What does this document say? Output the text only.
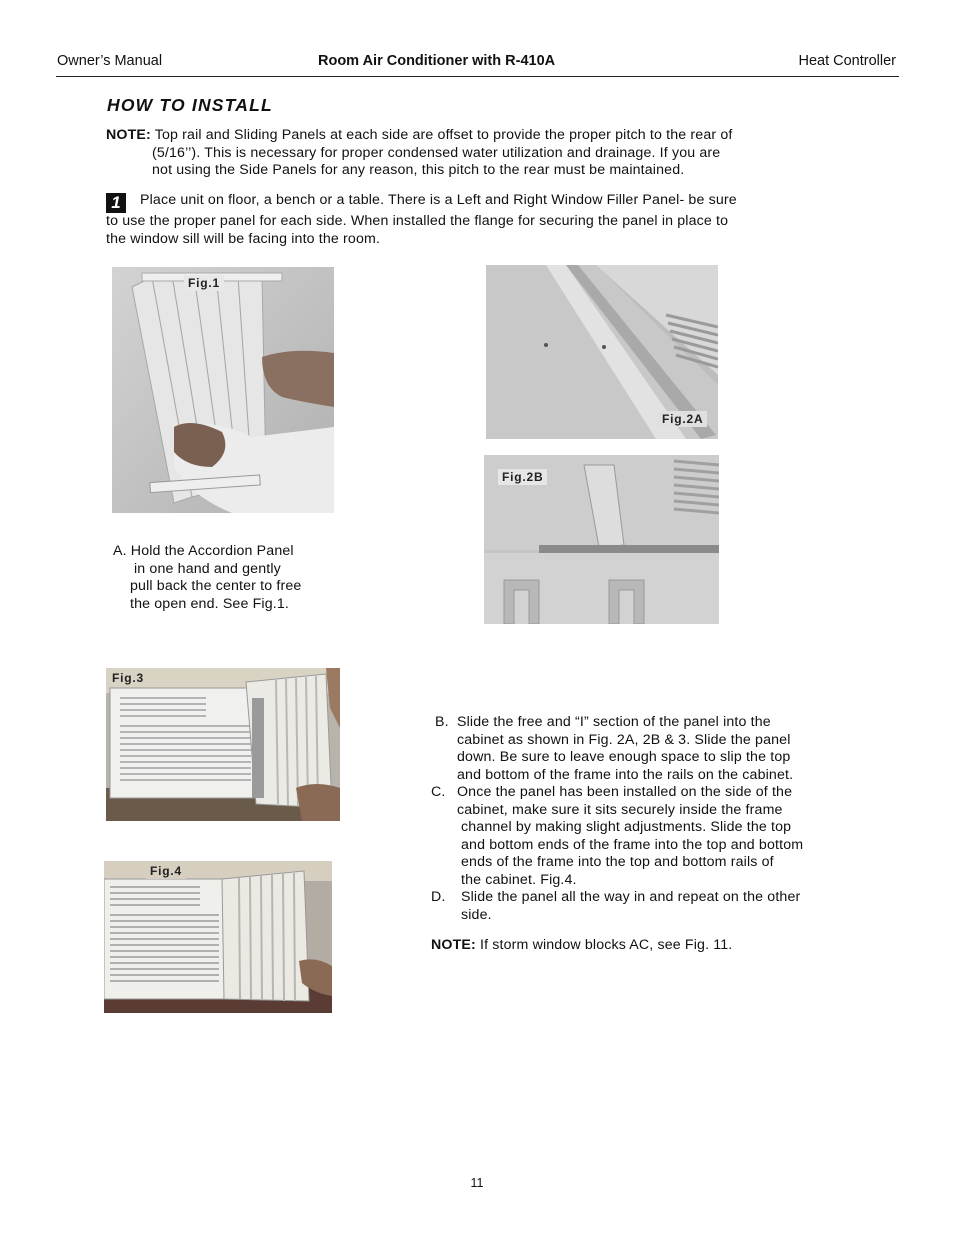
Owner’s Manual	Room Air Conditioner with R-410A	Heat Controller
HOW TO INSTALL
NOTE: Top rail and Sliding Panels at each side are offset to provide the proper pitch to the rear of
(5/16’’). This is necessary for proper condensed water utilization and drainage. If you are
not using the Side Panels for any reason, this pitch to the rear must be maintained.
1 Place unit on floor, a bench or a table. There is a Left and Right Window Filler Panel- be sure
to use the proper panel for each side. When installed the flange for securing the panel in place to
the window sill will be facing into the room.
Fig.1
A. Hold the Accordion Panel
in one hand and gently
pull back the center to free
the open end. See Fig.1.
Fig.2A
Fig.2B
Fig.3
Fig.4
B. Slide the free and “I” section of the panel into the
cabinet as shown in Fig. 2A, 2B & 3. Slide the panel
down. Be sure to leave enough space to slip the top
and bottom of the frame into the rails on the cabinet.
C. Once the panel has been installed on the side of the
cabinet, make sure it sits securely inside the frame
channel by making slight adjustments. Slide the top
and bottom ends of the frame into the top and bottom
ends of the frame into the top and bottom rails of
the cabinet. Fig.4.
D. Slide the panel all the way in and repeat on the other
side.
NOTE: If storm window blocks AC, see Fig. 11.
11
